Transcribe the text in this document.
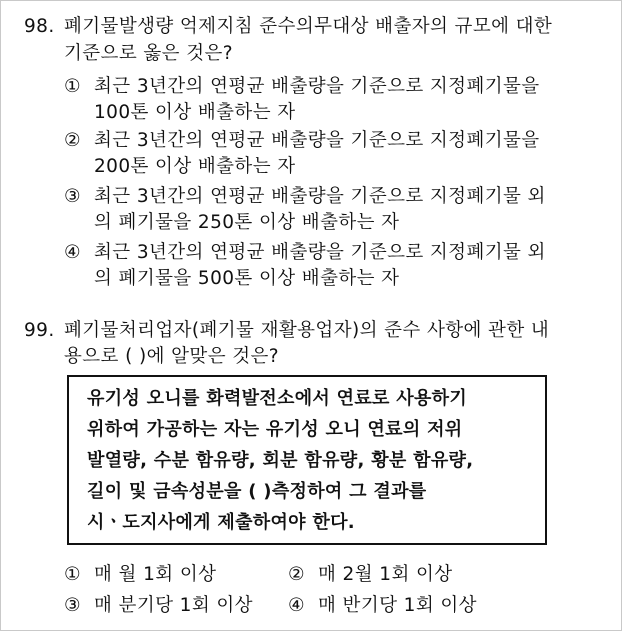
98. 폐기물발생량 억제지침 준수의무대상 배출자의 규모에 대한
기준으로 옳은 것은?
① 최근 3년간의 연평균 배출량을 기준으로 지정폐기물을
100톤 이상 배출하는 자
② 최근 3년간의 연평균 배출량을 기준으로 지정폐기물을
200톤 이상 배출하는 자
③ 최근 3년간의 연평균 배출량을 기준으로 지정폐기물 외
의 폐기물을 250톤 이상 배출하는 자
④ 최근 3년간의 연평균 배출량을 기준으로 지정폐기물 외
의 폐기물을 500톤 이상 배출하는 자
99. 폐기물처리업자(폐기물 재활용업자)의 준수 사항에 관한 내
용으로 ( )에 알맞은 것은?
유기성 오니를 화력발전소에서 연료로 사용하기
위하여 가공하는 자는 유기성 오니 연료의 저위
발열량, 수분 함유량, 회분 함유량, 황분 함유량,
길이 및 금속성분을 ( )측정하여 그 결과를
시ㆍ도지사에게 제출하여야 한다.
① 매 월 1회 이상	② 매 2월 1회 이상
③ 매 분기당 1회 이상 ④ 매 반기당 1회 이상
